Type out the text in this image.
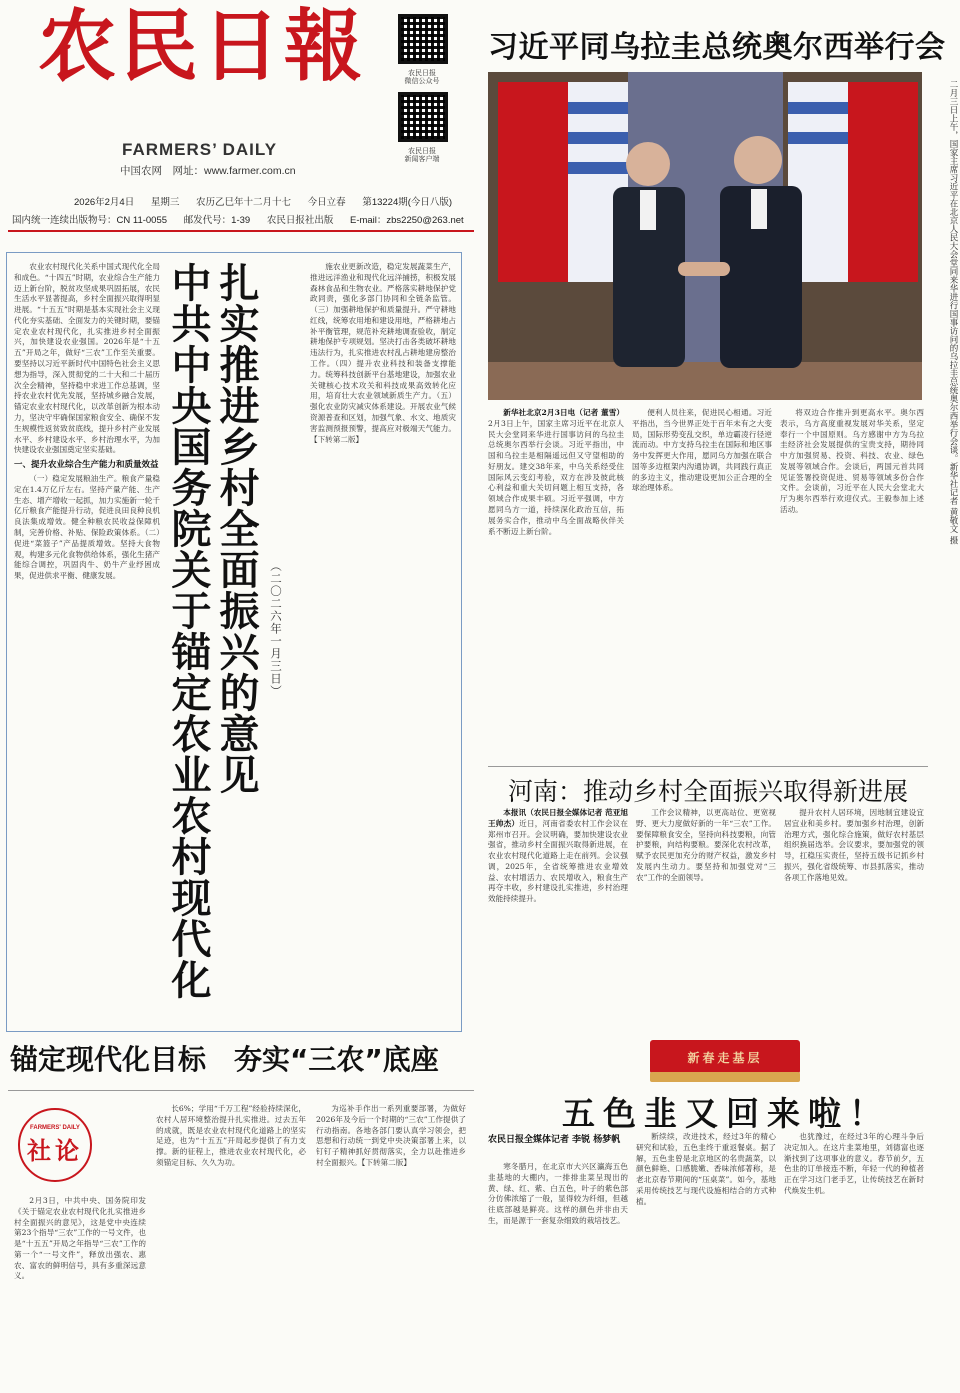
农民日報
FARMERS’ DAILY
中国农网　网址：www.farmer.com.cn
农民日报
微信公众号
农民日报
新闻客户端
2026年2月4日 星期三 农历乙巳年十二月十七 今日立春 第13224期(今日八版)
国内统一连续出版物号：CN 11-0055 邮发代号：1-39 农民日报社出版 E-mail：zbs2250@263.net
习近平同乌拉圭总统奥尔西举行会
二月三日上午，国家主席习近平在北京人民大会堂同来华进行国事访问的乌拉圭总统奥尔西举行会谈。新华社记者 黄敬文 摄

新华社北京2月3日电（记者 董雪）2月3日上午，国家主席习近平在北京人民大会堂同来华进行国事访问的乌拉圭总统奥尔西举行会谈。习近平指出，中国和乌拉圭是相隔遥远但又守望相助的好朋友。建交38年来，中乌关系经受住国际风云变幻考验，双方在涉及彼此核心利益和重大关切问题上相互支持，各领域合作成果丰硕。习近平强调，中方愿同乌方一道，持续深化政治互信，拓展务实合作，推动中乌全面战略伙伴关系不断迈上新台阶。

便利人员往来，促进民心相通。习近平指出，当今世界正处于百年未有之大变局，国际形势变乱交织，单边霸凌行径逆流而动。中方支持乌拉圭在国际和地区事务中发挥更大作用，愿同乌方加强在联合国等多边框架内沟通协调，共同践行真正的多边主义，推动建设更加公正合理的全球治理体系。

将双边合作推升到更高水平。奥尔西表示，乌方高度重视发展对华关系，坚定奉行一个中国原则。乌方感谢中方为乌拉圭经济社会发展提供的宝贵支持，期待同中方加强贸易、投资、科技、农业、绿色发展等领域合作。会谈后，两国元首共同见证签署投资促进、贸易等领域多份合作文件。会谈前，习近平在人民大会堂北大厅为奥尔西举行欢迎仪式。王毅参加上述活动。

河南：推动乡村全面振兴取得新进展

本报讯（农民日报全媒体记者 范亚旭 王帅杰）近日，河南省委农村工作会议在郑州市召开。会议明确，要加快建设农业强省，推动乡村全面振兴取得新进展，在农业农村现代化道路上走在前列。会议强调，2025年，全省统筹推进农业增效益、农村增活力、农民增收入，粮食生产再夺丰收，乡村建设扎实推进，乡村治理效能持续提升。

工作会议精神，以更高站位、更宽视野、更大力度做好新的一年“三农”工作。要保障粮食安全，坚持向科技要粮，向管护要粮，向结构要粮。要深化农村改革，赋予农民更加充分的财产权益，激发乡村发展内生动力。要坚持和加强党对“三农”工作的全面领导。

提升农村人居环境，因地制宜建设宜居宜业和美乡村。要加强乡村治理，创新治理方式，强化综合施策，做好农村基层组织换届选举。会议要求，要加强党的领导，扛稳压实责任，坚持五级书记抓乡村振兴，强化省级统筹、市县抓落实，推动各项工作落地见效。

农业农村现代化关系中国式现代化全局和成色。“十四五”时期，农业综合生产能力迈上新台阶，脱贫攻坚成果巩固拓展，农民生活水平显著提高，乡村全面振兴取得明显进展。“十五五”时期是基本实现社会主义现代化夯实基础、全面发力的关键时期，要锚定农业农村现代化，扎实推进乡村全面振兴，加快建设农业强国。2026年是“十五五”开局之年，做好“三农”工作至关重要。要坚持以习近平新时代中国特色社会主义思想为指导，深入贯彻党的二十大和二十届历次全会精神，坚持稳中求进工作总基调，坚持农业农村优先发展，坚持城乡融合发展，锚定农业农村现代化，以改革创新为根本动力，坚决守牢确保国家粮食安全、确保不发生规模性返贫致贫底线，提升乡村产业发展水平、乡村建设水平、乡村治理水平，为加快建设农业强国奠定坚实基础。

一、提升农业综合生产能力和质量效益

（一）稳定发展粮油生产。粮食产量稳定在1.4万亿斤左右。坚持产量产能、生产生态、增产增收一起抓，加力实施新一轮千亿斤粮食产能提升行动，促进良田良种良机良法集成增效。健全种粮农民收益保障机制，完善价格、补贴、保险政策体系。（二）促进“菜篮子”产品提质增效。坚持大食物观，构建多元化食物供给体系，强化生猪产能综合调控，巩固肉牛、奶牛产业纾困成果，促进供求平衡、健康发展。	扎实推进乡村全面振兴的意见
中共中央国务院关于锚定农业农村现代化	（二〇二六年一月三日）

施农业更新改造，稳定发展蔬菜生产，推进远洋渔业和现代化远洋捕捞，积极发展森林食品和生物农业。严格落实耕地保护党政同责，强化多部门协同和全链条监管。（三）加强耕地保护和质量提升。严守耕地红线，统筹农用地和建设用地，严格耕地占补平衡管理，规范补充耕地调查验收，制定耕地保护专项规划。坚决打击各类破坏耕地违法行为，扎实推进农村乱占耕地建房整治工作。（四）提升农业科技和装备支撑能力。统筹科技创新平台基地建设，加强农业关键核心技术攻关和科技成果高效转化应用，培育壮大农业领域新质生产力。（五）强化农业防灾减灾体系建设。开展农业气候资源普查和区划，加强气象、水文、地质灾害监测预报预警，提高应对极端天气能力。【下转第二版】

锚定现代化目标　夯实“三农”底座
FARMERS' DAILY
社论

2月3日，中共中央、国务院印发《关于锚定农业农村现代化扎实推进乡村全面振兴的意见》，这是党中央连续第23个指导“三农”工作的一号文件，也是“十五五”开局之年指导“三农”工作的第一个“一号文件”，释放出强农、惠农、富农的鲜明信号，具有多重深远意义。

长6%；学用“千万工程”经验持续深化，农村人居环境整治提升扎实推进。过去五年的成就，既是农业农村现代化道路上的坚实足迹，也为“十五五”开局起步提供了有力支撑。新的征程上，推进农业农村现代化，必须锚定目标、久久为功。

为巡补手作出一系列重要部署，为做好2026年及今后一个时期的“三农”工作提供了行动指南。各地各部门要认真学习领会，把思想和行动统一到党中央决策部署上来，以钉钉子精神抓好贯彻落实，全力以赴推进乡村全面振兴。【下转第二版】

新春走基层
五色韭又回来啦！
农民日报全媒体记者 李锐 杨梦帆

寒冬腊月，在北京市大兴区瀛海五色韭基地的大棚内，一排排韭菜呈现出的黄、绿、红、紫、白五色，叶子的紫色部分仿佛浓缩了一般，显得较为纤细，但越往底部越是鲜亮。这样的颜色并非由天生，而是源于一套复杂细致的栽培技艺。

断续续，改进技术，经过3年的精心研究和试验，五色韭终于重返餐桌。据了解，五色韭曾是北京地区的名贵蔬菜，以颜色鲜艳、口感脆嫩、香味浓郁著称，是老北京春节期间的“压桌菜”。如今，基地采用传统技艺与现代设施相结合的方式种植。

也犹豫过，在经过3年的心理斗争后决定加入。在这片韭菜地里，刘德富也逐渐找到了这项事业的意义。春节前夕，五色韭的订单接连不断，年轻一代的种植者正在学习这门老手艺，让传统技艺在新时代焕发生机。
